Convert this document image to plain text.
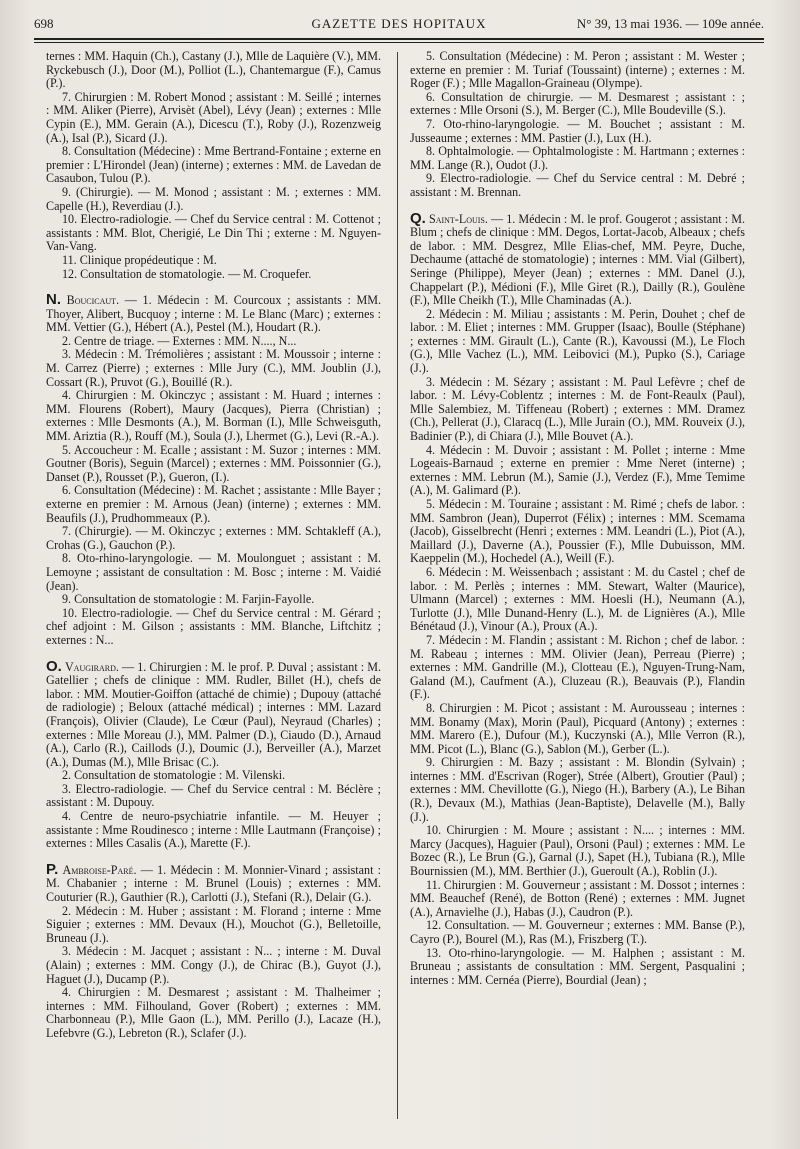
698	GAZETTE DES HOPITAUX	N° 39, 13 mai 1936. — 109e année.

ternes : MM. Haquin (Ch.), Castany (J.), Mlle de Laquière (V.), MM. Ryckebusch (J.), Door (M.), Polliot (L.), Chantemargue (F.), Camus (P.).

7. Chirurgien : M. Robert Monod ; assistant : M. Seillé ; internes : MM. Aliker (Pierre), Arvisèt (Abel), Lévy (Jean) ; externes : Mlle Cypin (E.), MM. Gerain (A.), Dicescu (T.), Roby (J.), Rozenzweig (A.), Isal (P.), Sicard (J.).

8. Consultation (Médecine) : Mme Bertrand-Fontaine ; externe en premier : L'Hirondel (Jean) (interne) ; externes : MM. de Lavedan de Casaubon, Tulou (P.).

9. (Chirurgie). — M. Monod ; assistant : M. ; externes : MM. Capelle (H.), Reverdiau (J.).

10. Electro-radiologie. — Chef du Service central : M. Cottenot ; assistants : MM. Blot, Cherigié, Le Din Thi ; externe : M. Nguyen-Van-Vang.

11. Clinique propédeutique : M.

12. Consultation de stomatologie. — M. Croquefer.

N. Boucicaut. — 1. Médecin : M. Courcoux ; assistants : MM. Thoyer, Alibert, Bucquoy ; interne : M. Le Blanc (Marc) ; externes : MM. Vettier (G.), Hébert (A.), Pestel (M.), Houdart (R.).

2. Centre de triage. — Externes : MM. N...., N...

3. Médecin : M. Trémolières ; assistant : M. Moussoir ; interne : M. Carrez (Pierre) ; externes : Mlle Jury (C.), MM. Joublin (J.), Cossart (R.), Pruvot (G.), Bouillé (R.).

4. Chirurgien : M. Okinczyc ; assistant : M. Huard ; internes : MM. Flourens (Robert), Maury (Jacques), Pierra (Christian) ; externes : Mlle Desmonts (A.), M. Borman (I.), Mlle Schweisguth, MM. Ariztia (R.), Rouff (M.), Soula (J.), Lhermet (G.), Levi (R.-A.).

5. Accoucheur : M. Ecalle ; assistant : M. Suzor ; internes : MM. Goutner (Boris), Seguin (Marcel) ; externes : MM. Poissonnier (G.), Danset (P.), Rousset (P.), Gueron, (I.).

6. Consultation (Médecine) : M. Rachet ; assistante : Mlle Bayer ; externe en premier : M. Arnous (Jean) (interne) ; externes : MM. Beaufils (J.), Prudhommeaux (P.).

7. (Chirurgie). — M. Okinczyc ; externes : MM. Schtakleff (A.), Crohas (G.), Gauchon (P.).

8. Oto-rhino-laryngologie. — M. Moulonguet ; assistant : M. Lemoyne ; assistant de consultation : M. Bosc ; interne : M. Vaidié (Jean).

9. Consultation de stomatologie : M. Farjin-Fayolle.

10. Electro-radiologie. — Chef du Service central : M. Gérard ; chef adjoint : M. Gilson ; assistants : MM. Blanche, Liftchitz ; externes : N...

O. Vaugirard. — 1. Chirurgien : M. le prof. P. Duval ; assistant : M. Gatellier ; chefs de clinique : MM. Rudler, Billet (H.), chefs de labor. : MM. Moutier-Goiffon (attaché de chimie) ; Dupouy (attaché de radiologie) ; Beloux (attaché médical) ; internes : MM. Lazard (François), Olivier (Claude), Le Cœur (Paul), Neyraud (Charles) ; externes : Mlle Moreau (J.), MM. Palmer (D.), Ciaudo (D.), Arnaud (A.), Carlo (R.), Caillods (J.), Doumic (J.), Berveiller (A.), Marzet (A.), Dumas (M.), Mlle Brisac (C.).

2. Consultation de stomatologie : M. Vilenski.

3. Electro-radiologie. — Chef du Service central : M. Béclère ; assistant : M. Dupouy.

4. Centre de neuro-psychiatrie infantile. — M. Heuyer ; assistante : Mme Roudinesco ; interne : Mlle Lautmann (Françoise) ; externes : Mlles Casalis (A.), Marette (F.).

P. Ambroise-Paré. — 1. Médecin : M. Monnier-Vinard ; assistant : M. Chabanier ; interne : M. Brunel (Louis) ; externes : MM. Couturier (R.), Gauthier (R.), Carlotti (J.), Stefani (R.), Delair (G.).

2. Médecin : M. Huber ; assistant : M. Florand ; interne : Mme Siguier ; externes : MM. Devaux (H.), Mouchot (G.), Belletoille, Bruneau (J.).

3. Médecin : M. Jacquet ; assistant : N... ; interne : M. Duval (Alain) ; externes : MM. Congy (J.), de Chirac (B.), Guyot (J.), Haguet (J.), Ducamp (P.).

4. Chirurgien : M. Desmarest ; assistant : M. Thalheimer ; internes : MM. Filhouland, Gover (Robert) ; externes : MM. Charbonneau (P.), Mlle Gaon (L.), MM. Perillo (J.), Lacaze (H.), Lefebvre (G.), Lebreton (R.), Sclafer (J.).

5. Consultation (Médecine) : M. Peron ; assistant : M. Wester ; externe en premier : M. Turiaf (Toussaint) (interne) ; externes : M. Roger (F.) ; Mlle Magallon-Graineau (Olympe).

6. Consultation de chirurgie. — M. Desmarest ; assistant : ; externes : Mlle Orsoni (S.), M. Berger (C.), Mlle Boudeville (S.).

7. Oto-rhino-laryngologie. — M. Bouchet ; assistant : M. Jusseaume ; externes : MM. Pastier (J.), Lux (H.).

8. Ophtalmologie. — Ophtalmologiste : M. Hartmann ; externes : MM. Lange (R.), Oudot (J.).

9. Electro-radiologie. — Chef du Service central : M. Debré ; assistant : M. Brennan.

Q. Saint-Louis. — 1. Médecin : M. le prof. Gougerot ; assistant : M. Blum ; chefs de clinique : MM. Degos, Lortat-Jacob, Albeaux ; chefs de labor. : MM. Desgrez, Mlle Elias-chef, MM. Peyre, Duche, Dechaume (attaché de stomatologie) ; internes : MM. Vial (Gilbert), Seringe (Philippe), Meyer (Jean) ; externes : MM. Danel (J.), Chappelart (P.), Médioni (F.), Mlle Giret (R.), Dailly (R.), Goulène (F.), Mlle Cheikh (T.), Mlle Chaminadas (A.).

2. Médecin : M. Miliau ; assistants : M. Perin, Douhet ; chef de labor. : M. Eliet ; internes : MM. Grupper (Isaac), Boulle (Stéphane) ; externes : MM. Girault (L.), Cante (R.), Kavoussi (M.), Le Floch (G.), Mlle Vachez (L.), MM. Leibovici (M.), Pupko (S.), Cariage (J.).

3. Médecin : M. Sézary ; assistant : M. Paul Lefèvre ; chef de labor. : M. Lévy-Coblentz ; internes : M. de Font-Reaulx (Paul), Mlle Salembiez, M. Tiffeneau (Robert) ; externes : MM. Dramez (Ch.), Pellerat (J.), Claracq (L.), Mlle Jurain (O.), MM. Rouveix (J.), Badinier (P.), di Chiara (J.), Mlle Bouvet (A.).

4. Médecin : M. Duvoir ; assistant : M. Pollet ; interne : Mme Logeais-Barnaud ; externe en premier : Mme Neret (interne) ; externes : MM. Lebrun (M.), Samie (J.), Verdez (F.), Mme Temime (A.), M. Galimard (P.).

5. Médecin : M. Touraine ; assistant : M. Rimé ; chefs de labor. : MM. Sambron (Jean), Duperrot (Félix) ; internes : MM. Scemama (Jacob), Gisselbrecht (Henri ; externes : MM. Leandri (L.), Piot (A.), Maillard (J.), Daverne (A.), Poussier (F.), Mlle Dubuisson, MM. Kaeppelin (M.), Hochedel (A.), Weill (F.).

6. Médecin : M. Weissenbach ; assistant : M. du Castel ; chef de labor. : M. Perlès ; internes : MM. Stewart, Walter (Maurice), Ulmann (Marcel) ; externes : MM. Hoesli (H.), Neumann (A.), Turlotte (J.), Mlle Dunand-Henry (L.), M. de Lignières (A.), Mlle Bénétaud (J.), Vinour (A.), Proux (A.).

7. Médecin : M. Flandin ; assistant : M. Richon ; chef de labor. : M. Rabeau ; internes : MM. Olivier (Jean), Perreau (Pierre) ; externes : MM. Gandrille (M.), Clotteau (E.), Nguyen-Trung-Nam, Galand (M.), Caufment (A.), Cluzeau (R.), Beauvais (P.), Flandin (F.).

8. Chirurgien : M. Picot ; assistant : M. Aurousseau ; internes : MM. Bonamy (Max), Morin (Paul), Picquard (Antony) ; externes : MM. Marero (E.), Dufour (M.), Kuczynski (A.), Mlle Verron (R.), MM. Picot (L.), Blanc (G.), Sablon (M.), Gerber (L.).

9. Chirurgien : M. Bazy ; assistant : M. Blondin (Sylvain) ; internes : MM. d'Escrivan (Roger), Strée (Albert), Groutier (Paul) ; externes : MM. Chevillotte (G.), Niego (H.), Barbery (A.), Le Bihan (R.), Devaux (M.), Mathias (Jean-Baptiste), Delavelle (M.), Bally (J.).

10. Chirurgien : M. Moure ; assistant : N.... ; internes : MM. Marcy (Jacques), Haguier (Paul), Orsoni (Paul) ; externes : MM. Le Bozec (R.), Le Brun (G.), Garnal (J.), Sapet (H.), Tubiana (R.), Mlle Bournissien (M.), MM. Berthier (J.), Gueroult (A.), Roblin (J.).

11. Chirurgien : M. Gouverneur ; assistant : M. Dossot ; internes : MM. Beauchef (René), de Botton (René) ; externes : MM. Jugnet (A.), Arnavielhe (J.), Habas (J.), Caudron (P.).

12. Consultation. — M. Gouverneur ; externes : MM. Banse (P.), Cayro (P.), Bourel (M.), Ras (M.), Friszberg (T.).

13. Oto-rhino-laryngologie. — M. Halphen ; assistant : M. Bruneau ; assistants de consultation : MM. Sergent, Pasqualini ; internes : MM. Cernéa (Pierre), Bourdial (Jean) ;
